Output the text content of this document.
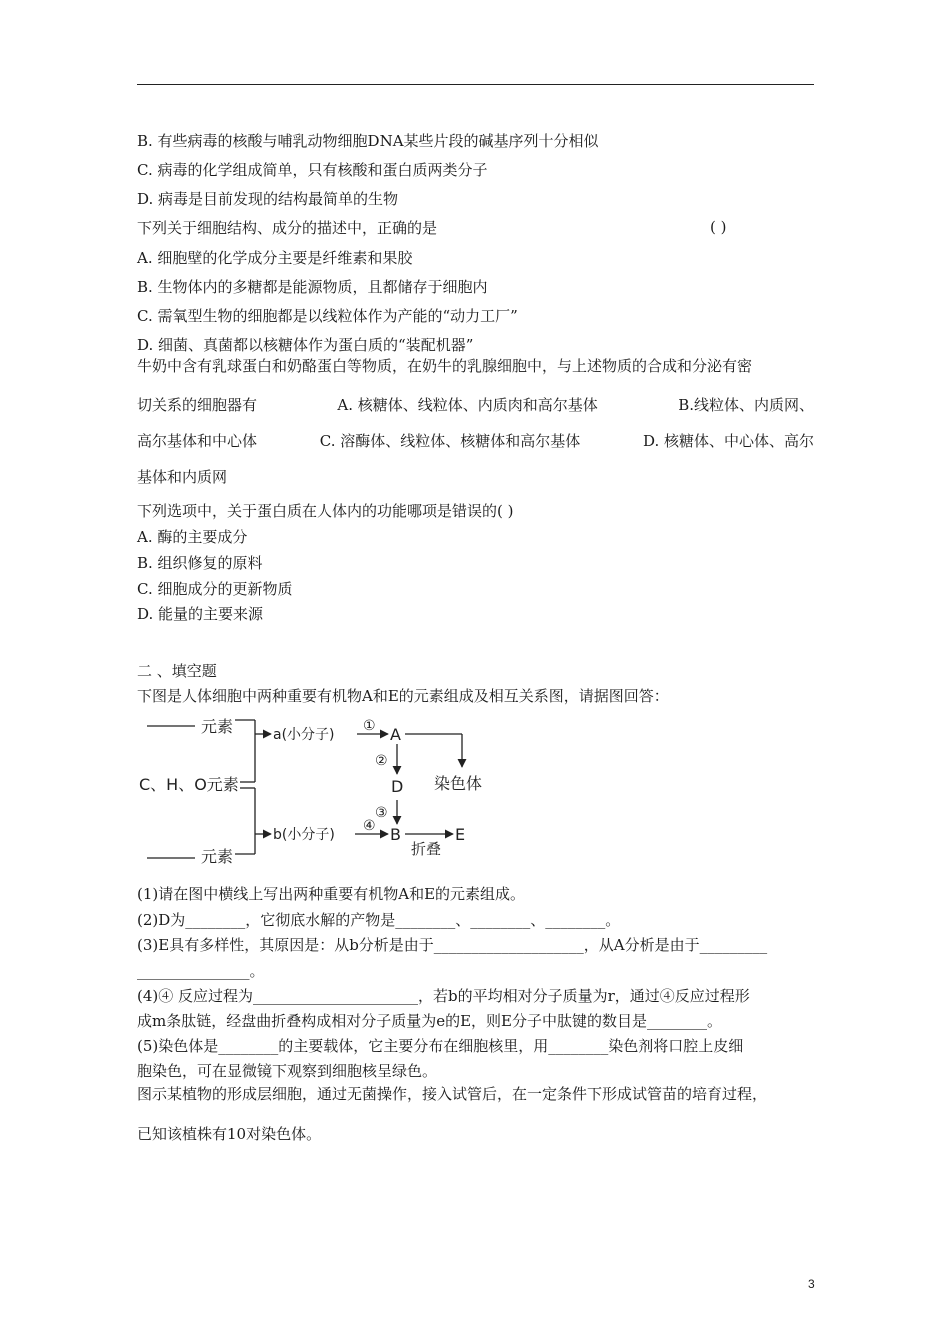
B. 有些病毒的核酸与哺乳动物细胞DNA某些片段的碱基序列十分相似
C. 病毒的化学组成简单，只有核酸和蛋白质两类分子
D. 病毒是目前发现的结构最简单的生物
下列关于细胞结构、成分的描述中，正确的是	( )
A. 细胞壁的化学成分主要是纤维素和果胶
B. 生物体内的多糖都是能源物质，且都储存于细胞内
C. 需氧型生物的细胞都是以线粒体作为产能的“动力工厂”
D. 细菌、真菌都以核糖体作为蛋白质的“装配机器”
牛奶中含有乳球蛋白和奶酪蛋白等物质，在奶牛的乳腺细胞中，与上述物质的合成和分泌有密
切关系的细胞器有	A. 核糖体、线粒体、内质肉和高尔基体	B.线粒体、内质网、
高尔基体和中心体	C. 溶酶体、线粒体、核糖体和高尔基体	D. 核糖体、中心体、高尔
基体和内质网
下列选项中，关于蛋白质在人体内的功能哪项是错误的( )
A. 酶的主要成分
B. 组织修复的原料
C. 细胞成分的更新物质
D. 能量的主要来源
二 、填空题
下图是人体细胞中两种重要有机物A和E的元素组成及相互关系图，请据图回答：
元素
C、H、O元素
元素
a(小分子)
b(小分子)
A
D
B	E
染色体
折叠
①
②
③
④
(1)请在图中横线上写出两种重要有机物A和E的元素组成。
(2)D为________，它彻底水解的产物是________、________、________。
(3)E具有多样性，其原因是：从b分析是由于____________________，从A分析是由于_________
_______________。
(4)④ 反应过程为______________________，若b的平均相对分子质量为r，通过④反应过程形
成m条肽链，经盘曲折叠构成相对分子质量为e的E，则E分子中肽键的数目是________。
(5)染色体是________的主要载体，它主要分布在细胞核里，用________染色剂将口腔上皮细
胞染色，可在显微镜下观察到细胞核呈绿色。
图示某植物的形成层细胞，通过无菌操作，接入试管后，在一定条件下形成试管苗的培育过程，
已知该植株有10对染色体。
3
